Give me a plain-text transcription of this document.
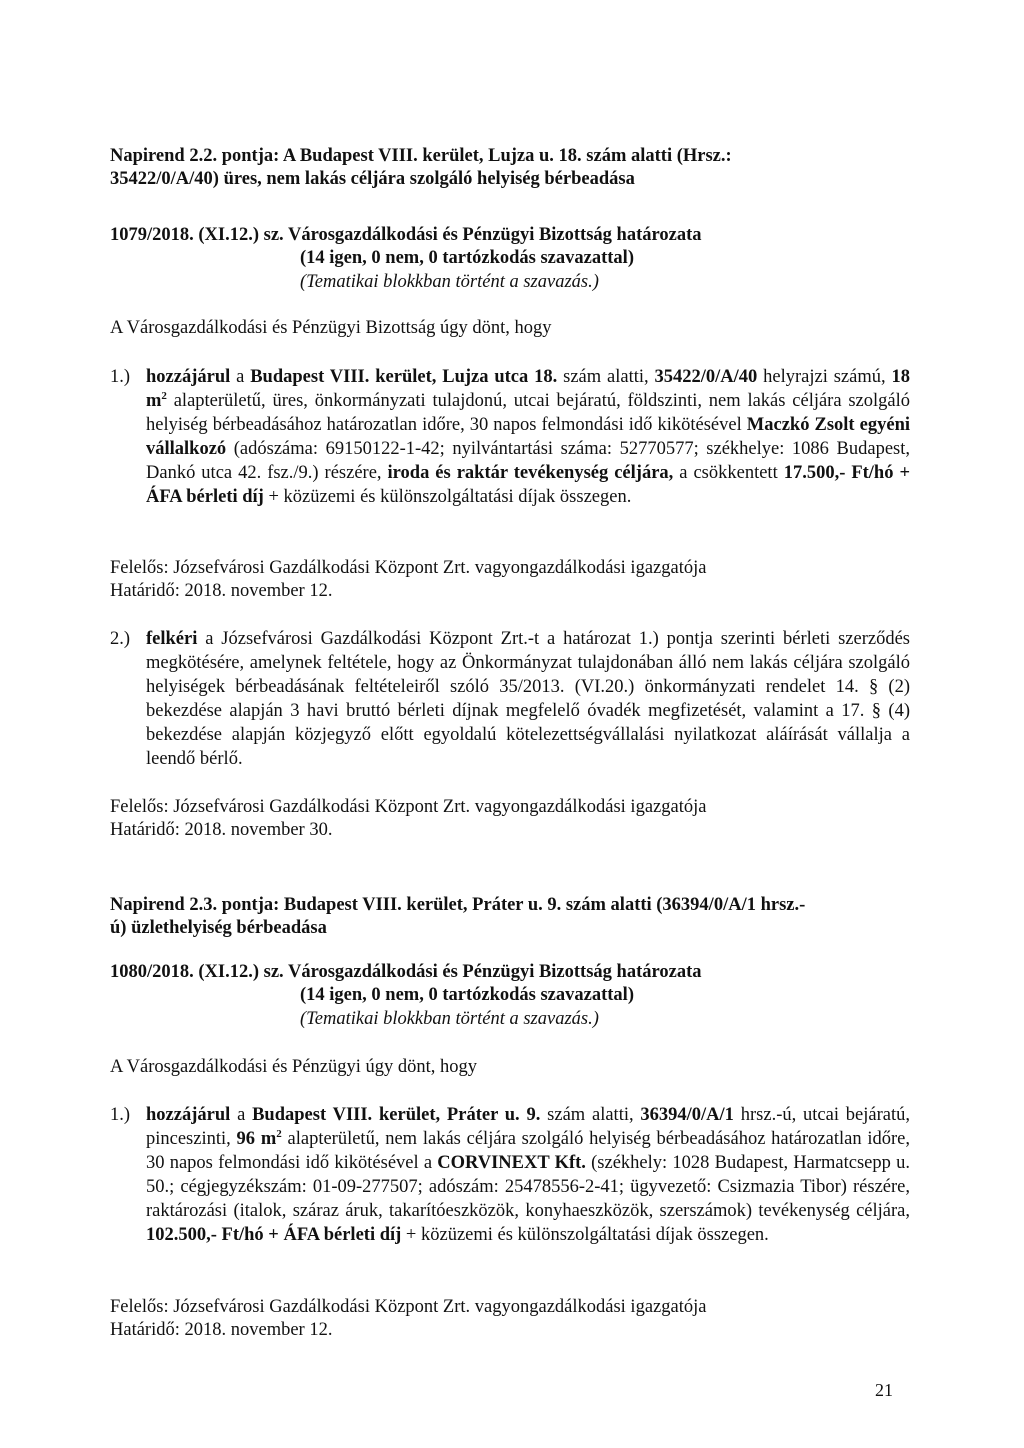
Napirend 2.2. pontja: A Budapest VIII. kerület, Lujza u. 18. szám alatti (Hrsz.:
35422/0/A/40) üres, nem lakás céljára szolgáló helyiség bérbeadása
1079/2018. (XI.12.) sz. Városgazdálkodási és Pénzügyi Bizottság határozata
(14 igen, 0 nem, 0 tartózkodás szavazattal)
(Tematikai blokkban történt a szavazás.)
A Városgazdálkodási és Pénzügyi Bizottság úgy dönt, hogy
1.) hozzájárul a Budapest VIII. kerület, Lujza utca 18. szám alatti, 35422/0/A/40 helyrajzi számú, 18 $m^2$ alapterületű, üres, önkormányzati tulajdonú, utcai bejáratú, földszinti, nem lakás céljára szolgáló helyiség bérbeadásához határozatlan időre, 30 napos felmondási idő kikötésével Maczkó Zsolt egyéni vállalkozó (adószáma: 69150122-1-42; nyilvántartási száma: 52770577; székhelye: 1086 Budapest, Dankó utca 42. fsz./9.) részére, iroda és raktár tevékenység céljára, a csökkentett 17.500,- Ft/hó + ÁFA bérleti díj + közüzemi és különszolgáltatási díjak összegen.
Felelős: Józsefvárosi Gazdálkodási Központ Zrt. vagyongazdálkodási igazgatója
Határidő: 2018. november 12.
2.) felkéri a Józsefvárosi Gazdálkodási Központ Zrt.-t a határozat 1.) pontja szerinti bérleti szerződés megkötésére, amelynek feltétele, hogy az Önkormányzat tulajdonában álló nem lakás céljára szolgáló helyiségek bérbeadásának feltételeiről szóló 35/2013. (VI.20.) önkormányzati rendelet 14. § (2) bekezdése alapján 3 havi bruttó bérleti díjnak megfelelő óvadék megfizetését, valamint a 17. § (4) bekezdése alapján közjegyző előtt egyoldalú kötelezettségvállalási nyilatkozat aláírását vállalja a leendő bérlő.
Felelős: Józsefvárosi Gazdálkodási Központ Zrt. vagyongazdálkodási igazgatója
Határidő: 2018. november 30.
Napirend 2.3. pontja: Budapest VIII. kerület, Práter u. 9. szám alatti (36394/0/A/1 hrsz.-
ú) üzlethelyiség bérbeadása
1080/2018. (XI.12.) sz. Városgazdálkodási és Pénzügyi Bizottság határozata
(14 igen, 0 nem, 0 tartózkodás szavazattal)
(Tematikai blokkban történt a szavazás.)
A Városgazdálkodási és Pénzügyi úgy dönt, hogy
1.) hozzájárul a Budapest VIII. kerület, Práter u. 9. szám alatti, 36394/0/A/1 hrsz.-ú, utcai bejáratú, pinceszinti, 96 $m^2$ alapterületű, nem lakás céljára szolgáló helyiség bérbeadásához határozatlan időre, 30 napos felmondási idő kikötésével a CORVINEXT Kft. (székhely: 1028 Budapest, Harmatcsepp u. 50.; cégjegyzékszám: 01-09-277507; adószám: 25478556-2-41; ügyvezető: Csizmazia Tibor) részére, raktározási (italok, száraz áruk, takarítóeszközök, konyhaeszközök, szerszámok) tevékenység céljára, 102.500,- Ft/hó + ÁFA bérleti díj + közüzemi és különszolgáltatási díjak összegen.
Felelős: Józsefvárosi Gazdálkodási Központ Zrt. vagyongazdálkodási igazgatója
Határidő: 2018. november 12.
21
